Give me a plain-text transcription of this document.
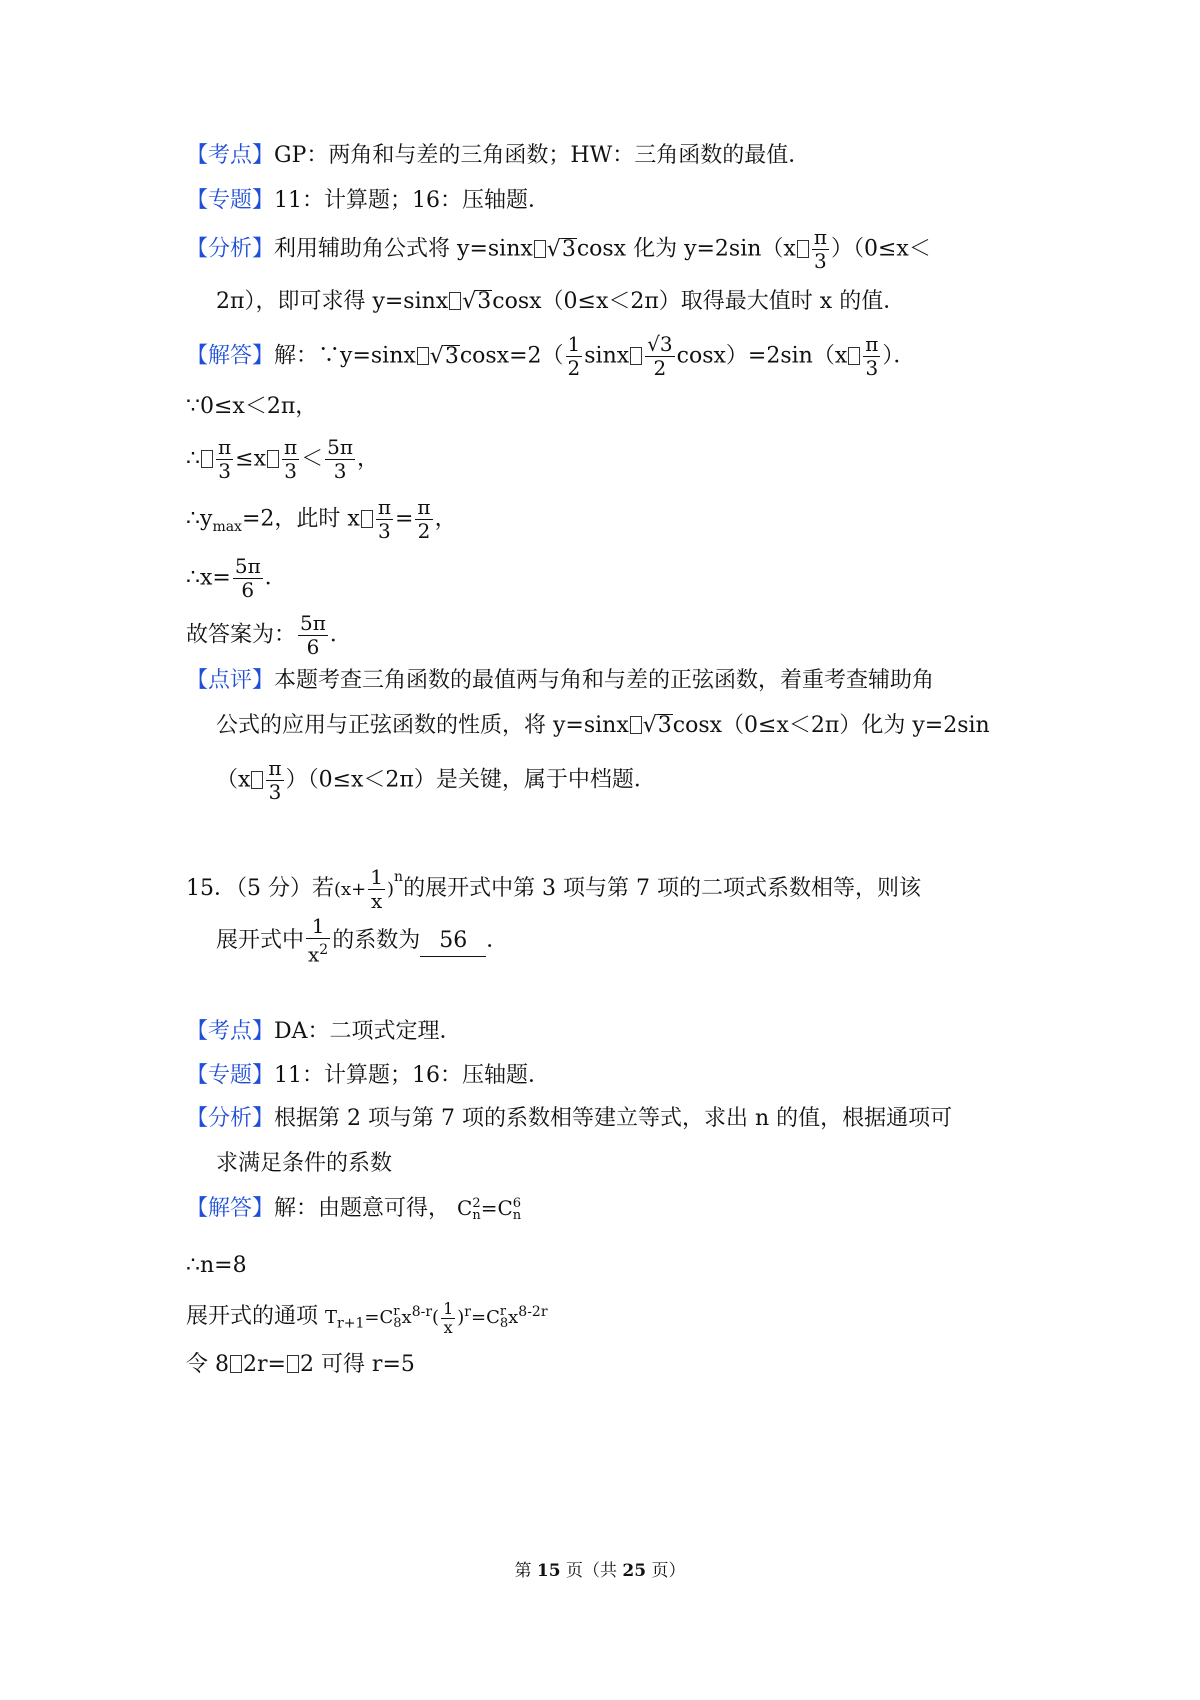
【考点】GP：两角和与差的三角函数；HW：三角函数的最值．
【专题】11：计算题；16：压轴题．
【分析】利用辅助角公式将 y=sinx √3cosx 化为 $y=2\sin(x \frac{\pi}{3} )(0\le x<$
2π），即可求得 y=sinx √3cosx（0≤x＜2π）取得最大值时 x 的值．
【解答】解：∵y=sinx $√3\cos x=2( \frac{1}{2}$ sinx $\frac{√3}{2} \cos x)=2\sin(x \frac{\pi}{3}$ ）．
∵0≤x＜2π，
∴ $\frac{\pi}{3} \le x \frac{\pi}{3} < \frac{5\pi}{3}$ ，
$\therefore y_{max}=2$，此时 x $\frac{\pi}{3} = \frac{\pi}{2}$ ，
∴x= $\frac{5\pi}{6}$ ．
故答案为： $\frac{5\pi}{6}$ ．
【点评】本题考查三角函数的最值两与角和与差的正弦函数，着重考查辅助角
公式的应用与正弦函数的性质，将 y=sinx √3cosx（0≤x＜2π）化为 y=2sin
$(x \frac{\pi}{3} )(0\le x<2\pi)$是关键，属于中档题．
15．（5 分）若$(x+ \frac{1}{x} )^n$的展开式中第 3 项与第 7 项的二项式系数相等，则该
展开式中 $\frac{1}{x^2}$ 的系数为 56 ．
【考点】DA：二项式定理．
【专题】11：计算题；16：压轴题．
【分析】根据第 2 项与第 7 项的系数相等建立等式，求出 n 的值，根据通项可
求满足条件的系数
【解答】解：由题意可得， C 2
n =C 6
n
∴n=8
展开式的通项 $T_{r+1}=C$ r
8 $x^{8-r}( \frac{1}{x} )^r=C$ r
8 $x^{8-2r}$
令 8 2r= 2 可得 r=5
第 15 页（共 25 页）
